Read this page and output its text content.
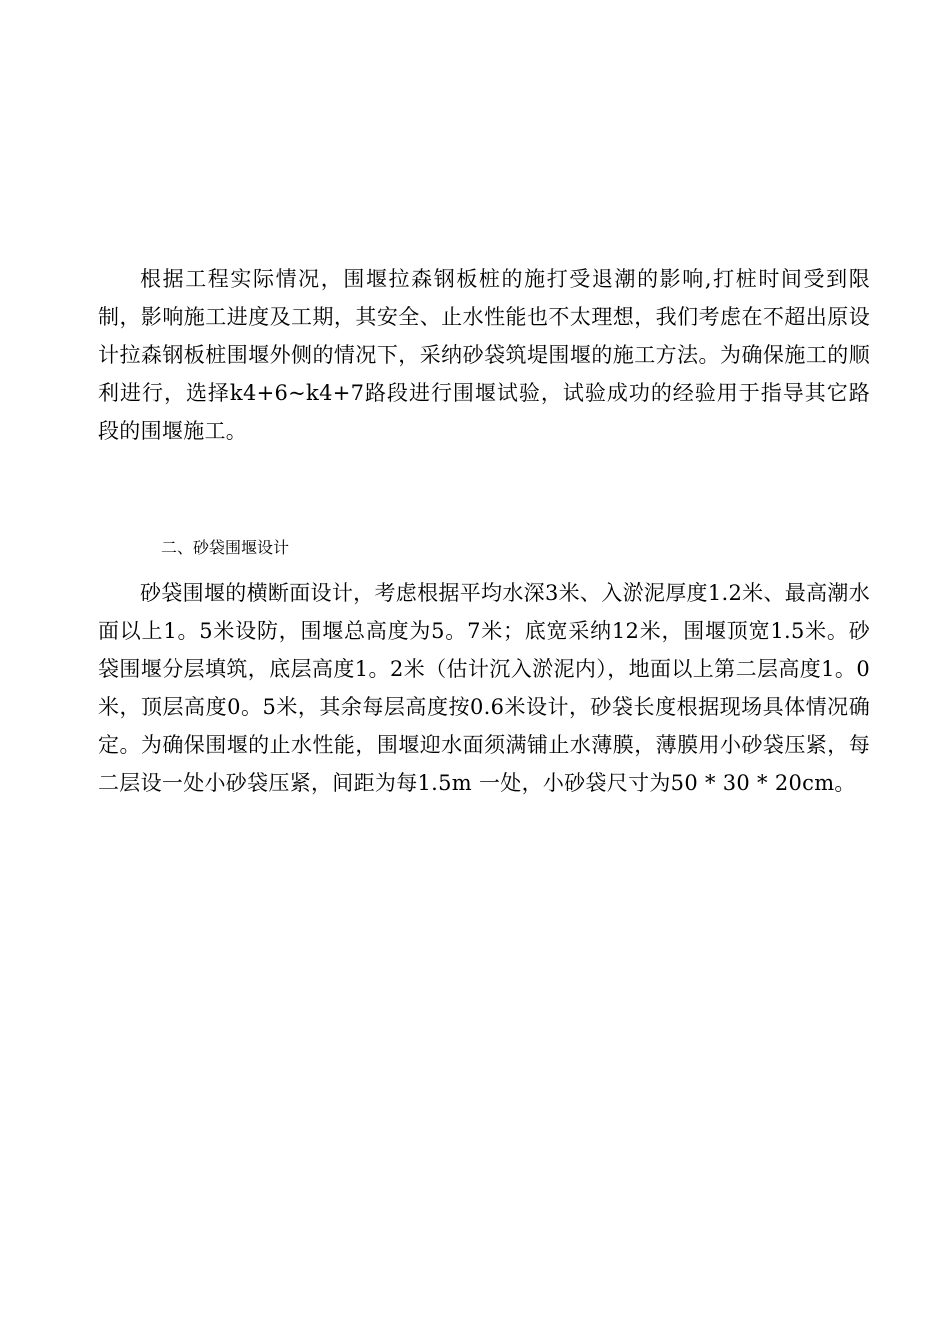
根据工程实际情况，围堰拉森钢板桩的施打受退潮的影响,打桩时间受到限制，影响施工进度及工期，其安全、止水性能也不太理想，我们考虑在不超出原设计拉森钢板桩围堰外侧的情况下，采纳砂袋筑堤围堰的施工方法。为确保施工的顺利进行，选择k4+6~k4+7路段进行围堰试验，试验成功的经验用于指导其它路段的围堰施工。

二、砂袋围堰设计

砂袋围堰的横断面设计，考虑根据平均水深3米、入淤泥厚度1.2米、最高潮水面以上1。5米设防，围堰总高度为5。7米；底宽采纳12米，围堰顶宽1.5米。砂袋围堰分层填筑，底层高度1。2米（估计沉入淤泥内），地面以上第二层高度1。0米，顶层高度0。5米，其余每层高度按0.6米设计，砂袋长度根据现场具体情况确定。为确保围堰的止水性能，围堰迎水面须满铺止水薄膜，薄膜用小砂袋压紧，每二层设一处小砂袋压紧，间距为每1.5m 一处，小砂袋尺寸为50 * 30 * 20cm。
